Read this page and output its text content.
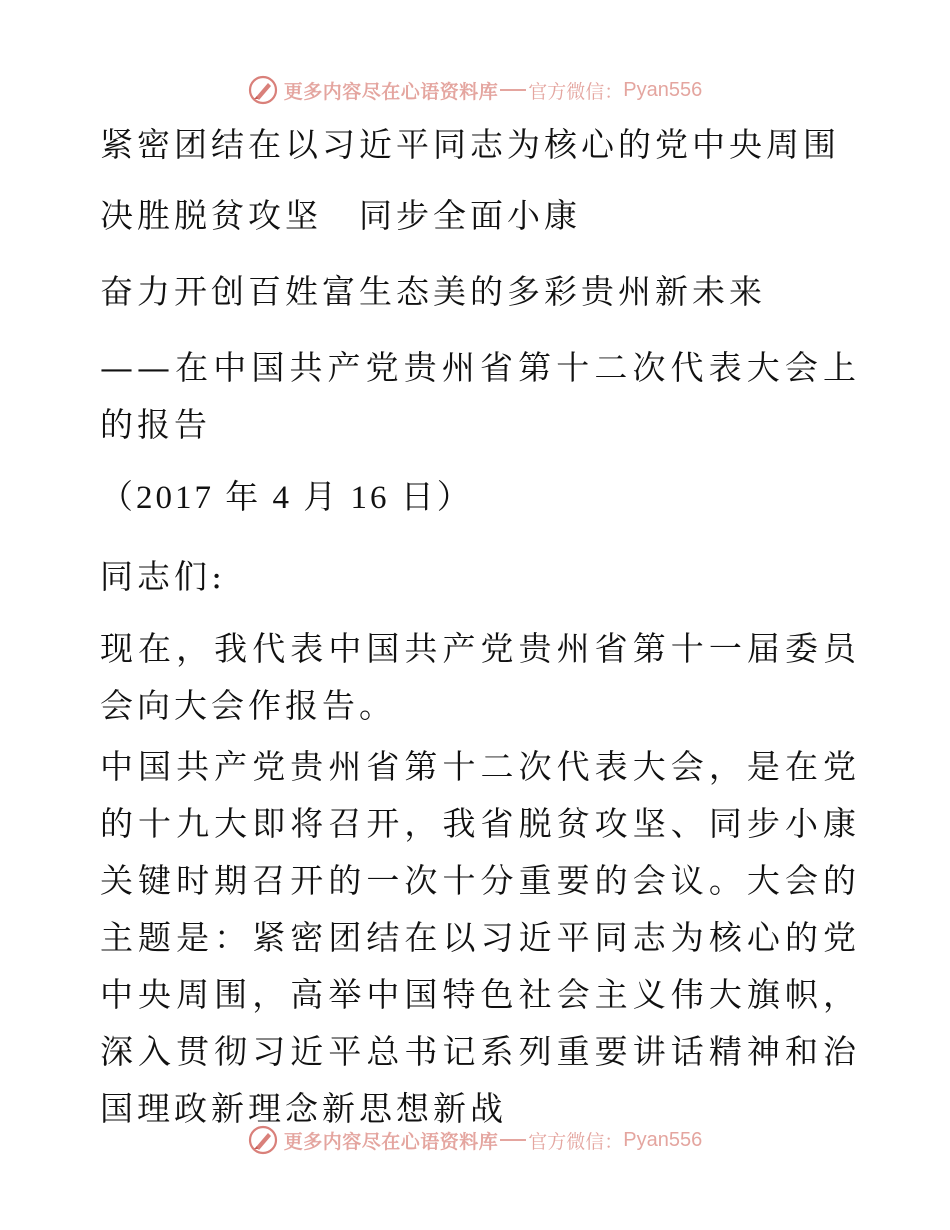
更多内容尽在心语资料库 官方微信： Pyan556

紧密团结在以习近平同志为核心的党中央周围

决胜脱贫攻坚　同步全面小康

奋力开创百姓富生态美的多彩贵州新未来

——在中国共产党贵州省第十二次代表大会上的报告

（2017 年 4 月 16 日）

同志们:

现在，我代表中国共产党贵州省第十一届委员会向大会作报告。

中国共产党贵州省第十二次代表大会，是在党的十九大即将召开，我省脱贫攻坚、同步小康关键时期召开的一次十分重要的会议。大会的主题是：紧密团结在以习近平同志为核心的党中央周围，高举中国特色社会主义伟大旗帜，深入贯彻习近平总书记系列重要讲话精神和治国理政新理念新思想新战

更多内容尽在心语资料库 官方微信： Pyan556
